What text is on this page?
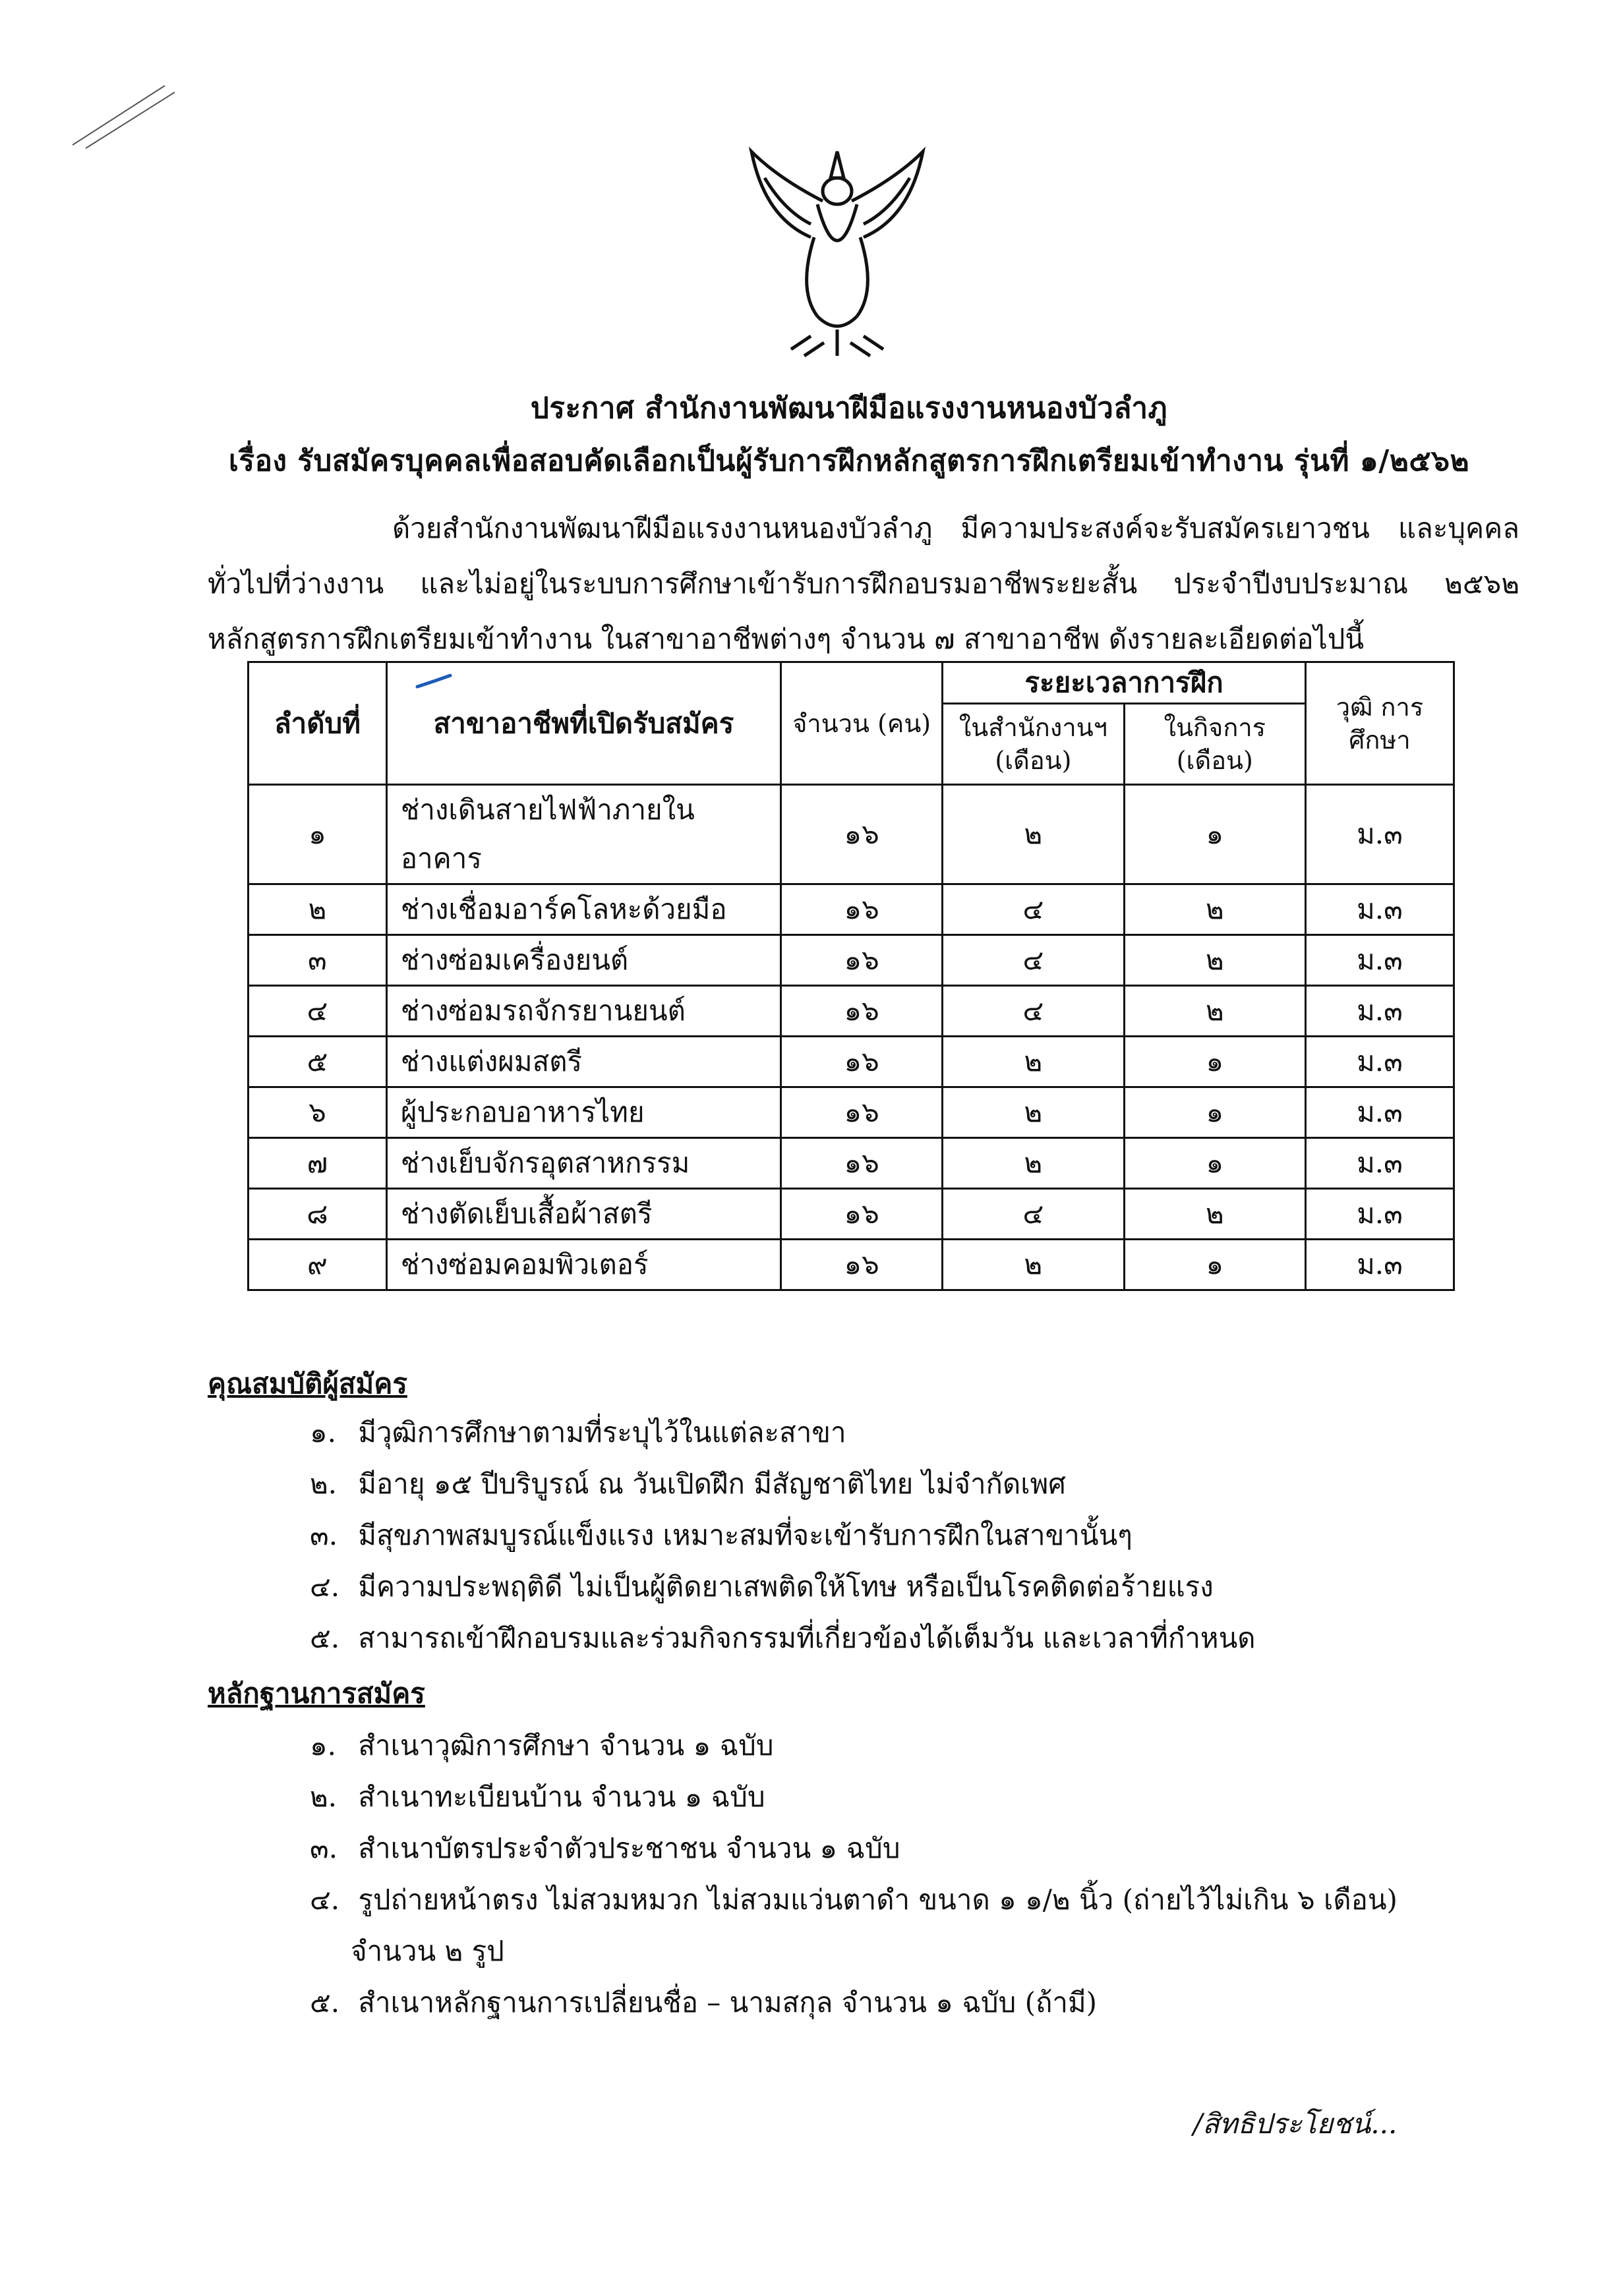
ประกาศ สำนักงานพัฒนาฝีมือแรงงานหนองบัวลำภู
เรื่อง รับสมัครบุคคลเพื่อสอบคัดเลือกเป็นผู้รับการฝึกหลักสูตรการฝึกเตรียมเข้าทำงาน รุ่นที่ ๑/๒๕๖๒
ด้วยสำนักงานพัฒนาฝีมือแรงงานหนองบัวลำภู มีความประสงค์จะรับสมัครเยาวชน และบุคคลทั่วไปที่ว่างงาน และไม่อยู่ในระบบการศึกษาเข้ารับการฝึกอบรมอาชีพระยะสั้น ประจำปีงบประมาณ ๒๕๖๒ หลักสูตรการฝึกเตรียมเข้าทำงาน ในสาขาอาชีพต่างๆ จำนวน ๗ สาขาอาชีพ ดังรายละเอียดต่อไปนี้
ลำดับที่	สาขาอาชีพที่เปิดรับสมัคร	จำนวน (คน)	ระยะเวลาการฝึก		วุฒิ การศึกษา
			ในสำนักงานฯ (เดือน)	ในกิจการ (เดือน)	
๑	ช่างเดินสายไฟฟ้าภายในอาคาร	๑๖	๒	๑	ม.๓
๒	ช่างเชื่อมอาร์คโลหะด้วยมือ	๑๖	๔	๒	ม.๓
๓	ช่างซ่อมเครื่องยนต์	๑๖	๔	๒	ม.๓
๔	ช่างซ่อมรถจักรยานยนต์	๑๖	๔	๒	ม.๓
๕	ช่างแต่งผมสตรี	๑๖	๒	๑	ม.๓
๖	ผู้ประกอบอาหารไทย	๑๖	๒	๑	ม.๓
๗	ช่างเย็บจักรอุตสาหกรรม	๑๖	๒	๑	ม.๓
๘	ช่างตัดเย็บเสื้อผ้าสตรี	๑๖	๔	๒	ม.๓
๙	ช่างซ่อมคอมพิวเตอร์	๑๖	๒	๑	ม.๓
คุณสมบัติผู้สมัคร
๑. มีวุฒิการศึกษาตามที่ระบุไว้ในแต่ละสาขา
๒. มีอายุ ๑๕ ปีบริบูรณ์ ณ วันเปิดฝึก มีสัญชาติไทย ไม่จำกัดเพศ
๓. มีสุขภาพสมบูรณ์แข็งแรง เหมาะสมที่จะเข้ารับการฝึกในสาขานั้นๆ
๔. มีความประพฤติดี ไม่เป็นผู้ติดยาเสพติดให้โทษ หรือเป็นโรคติดต่อร้ายแรง
๕. สามารถเข้าฝึกอบรมและร่วมกิจกรรมที่เกี่ยวข้องได้เต็มวัน และเวลาที่กำหนด
หลักฐานการสมัคร
๑. สำเนาวุฒิการศึกษา จำนวน ๑ ฉบับ
๒. สำเนาทะเบียนบ้าน จำนวน ๑ ฉบับ
๓. สำเนาบัตรประจำตัวประชาชน จำนวน ๑ ฉบับ
๔. รูปถ่ายหน้าตรง ไม่สวมหมวก ไม่สวมแว่นตาดำ ขนาด ๑ ๑/๒ นิ้ว (ถ่ายไว้ไม่เกิน ๖ เดือน)
จำนวน ๒ รูป
๕. สำเนาหลักฐานการเปลี่ยนชื่อ – นามสกุล จำนวน ๑ ฉบับ (ถ้ามี)
/สิทธิประโยชน์...
